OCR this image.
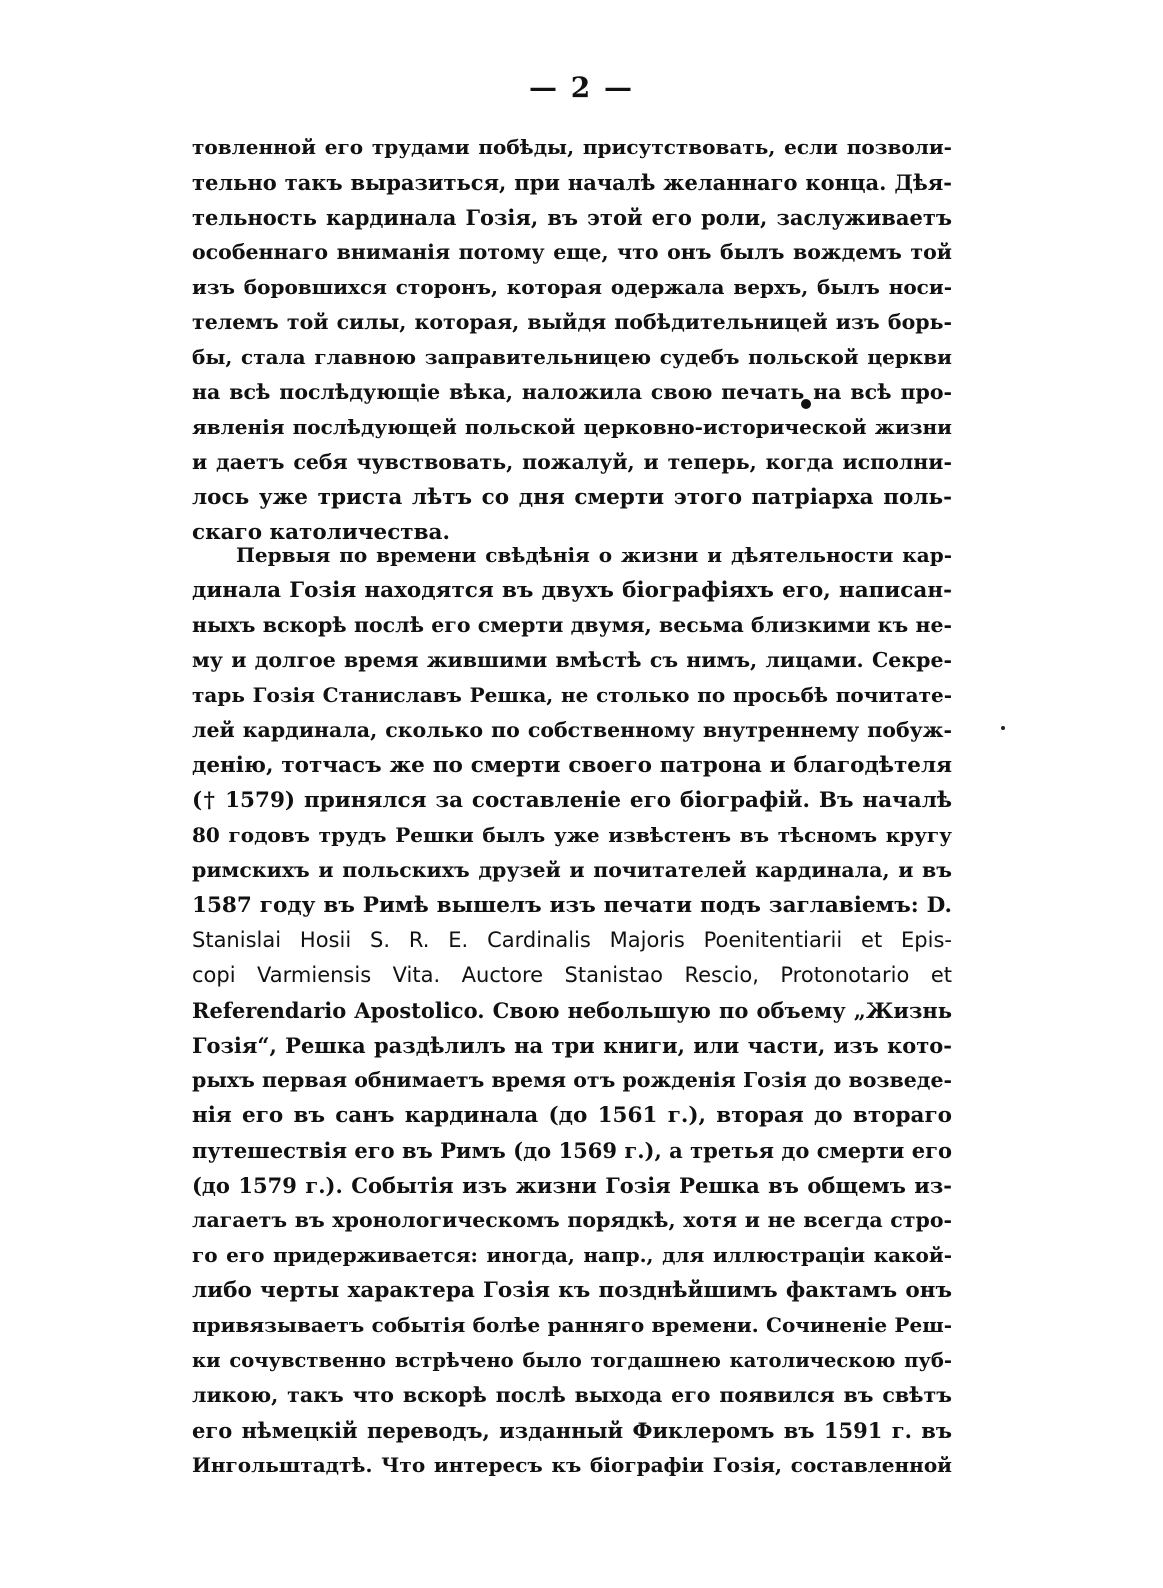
— 2 —
товленной его трудами побѣды, присутствовать, если позволи-
тельно такъ выразиться, при началѣ желаннаго конца. Дѣя-
тельность кардинала Гозія, въ этой его роли, заслуживаетъ
особеннаго вниманія потому еще, что онъ былъ вождемъ той
изъ боровшихся сторонъ, которая одержала верхъ, былъ носи-
телемъ той силы, которая, выйдя побѣдительницей изъ борь-
бы, стала главною заправительницею судебъ польской церкви
на всѣ послѣдующіе вѣка, наложила свою печать на всѣ про-
явленія послѣдующей польской церковно-исторической жизни
и даетъ себя чувствовать, пожалуй, и теперь, когда исполни-
лось уже триста лѣтъ со дня смерти этого патріарха поль-
скаго католичества.
Первыя по времени свѣдѣнія о жизни и дѣятельности кар-
динала Гозія находятся въ двухъ біографіяхъ его, написан-
ныхъ вскорѣ послѣ его смерти двумя, весьма близкими къ не-
му и долгое время жившими вмѣстѣ съ нимъ, лицами. Секре-
тарь Гозія Станиславъ Решка, не столько по просьбѣ почитате-
лей кардинала, сколько по собственному внутреннему побуж-
денію, тотчасъ же по смерти своего патрона и благодѣтеля
(† 1579) принялся за составленіе его біографій. Въ началѣ
80 годовъ трудъ Решки былъ уже извѣстенъ въ тѣсномъ кругу
римскихъ и польскихъ друзей и почитателей кардинала, и въ
1587 году въ Римѣ вышелъ изъ печати подъ заглавіемъ: D.
Stanislai Hosii S. R. E. Cardinalis Majoris Poenitentiarii et Epis-
copi Varmiensis Vita. Auctore Stanistao Rescio, Protonotario et
Referendario Apostolico. Свою небольшую по объему „Жизнь
Гозія“, Решка раздѣлилъ на три книги, или части, изъ кото-
рыхъ первая обнимаетъ время отъ рожденія Гозія до возведе-
нія его въ санъ кардинала (до 1561 г.), вторая до втораго
путешествія его въ Римъ (до 1569 г.), а третья до смерти его
(до 1579 г.). Событія изъ жизни Гозія Решка въ общемъ из-
лагаетъ въ хронологическомъ порядкѣ, хотя и не всегда стро-
го его придерживается: иногда, напр., для иллюстраціи какой-
либо черты характера Гозія къ позднѣйшимъ фактамъ онъ
привязываетъ событія болѣе ранняго времени. Сочиненіе Реш-
ки сочувственно встрѣчено было тогдашнею католическою пуб-
ликою, такъ что вскорѣ послѣ выхода его появился въ свѣтъ
его нѣмецкій переводъ, изданный Фиклеромъ въ 1591 г. въ
Ингольштадтѣ. Что интересъ къ біографіи Гозія, составленной
